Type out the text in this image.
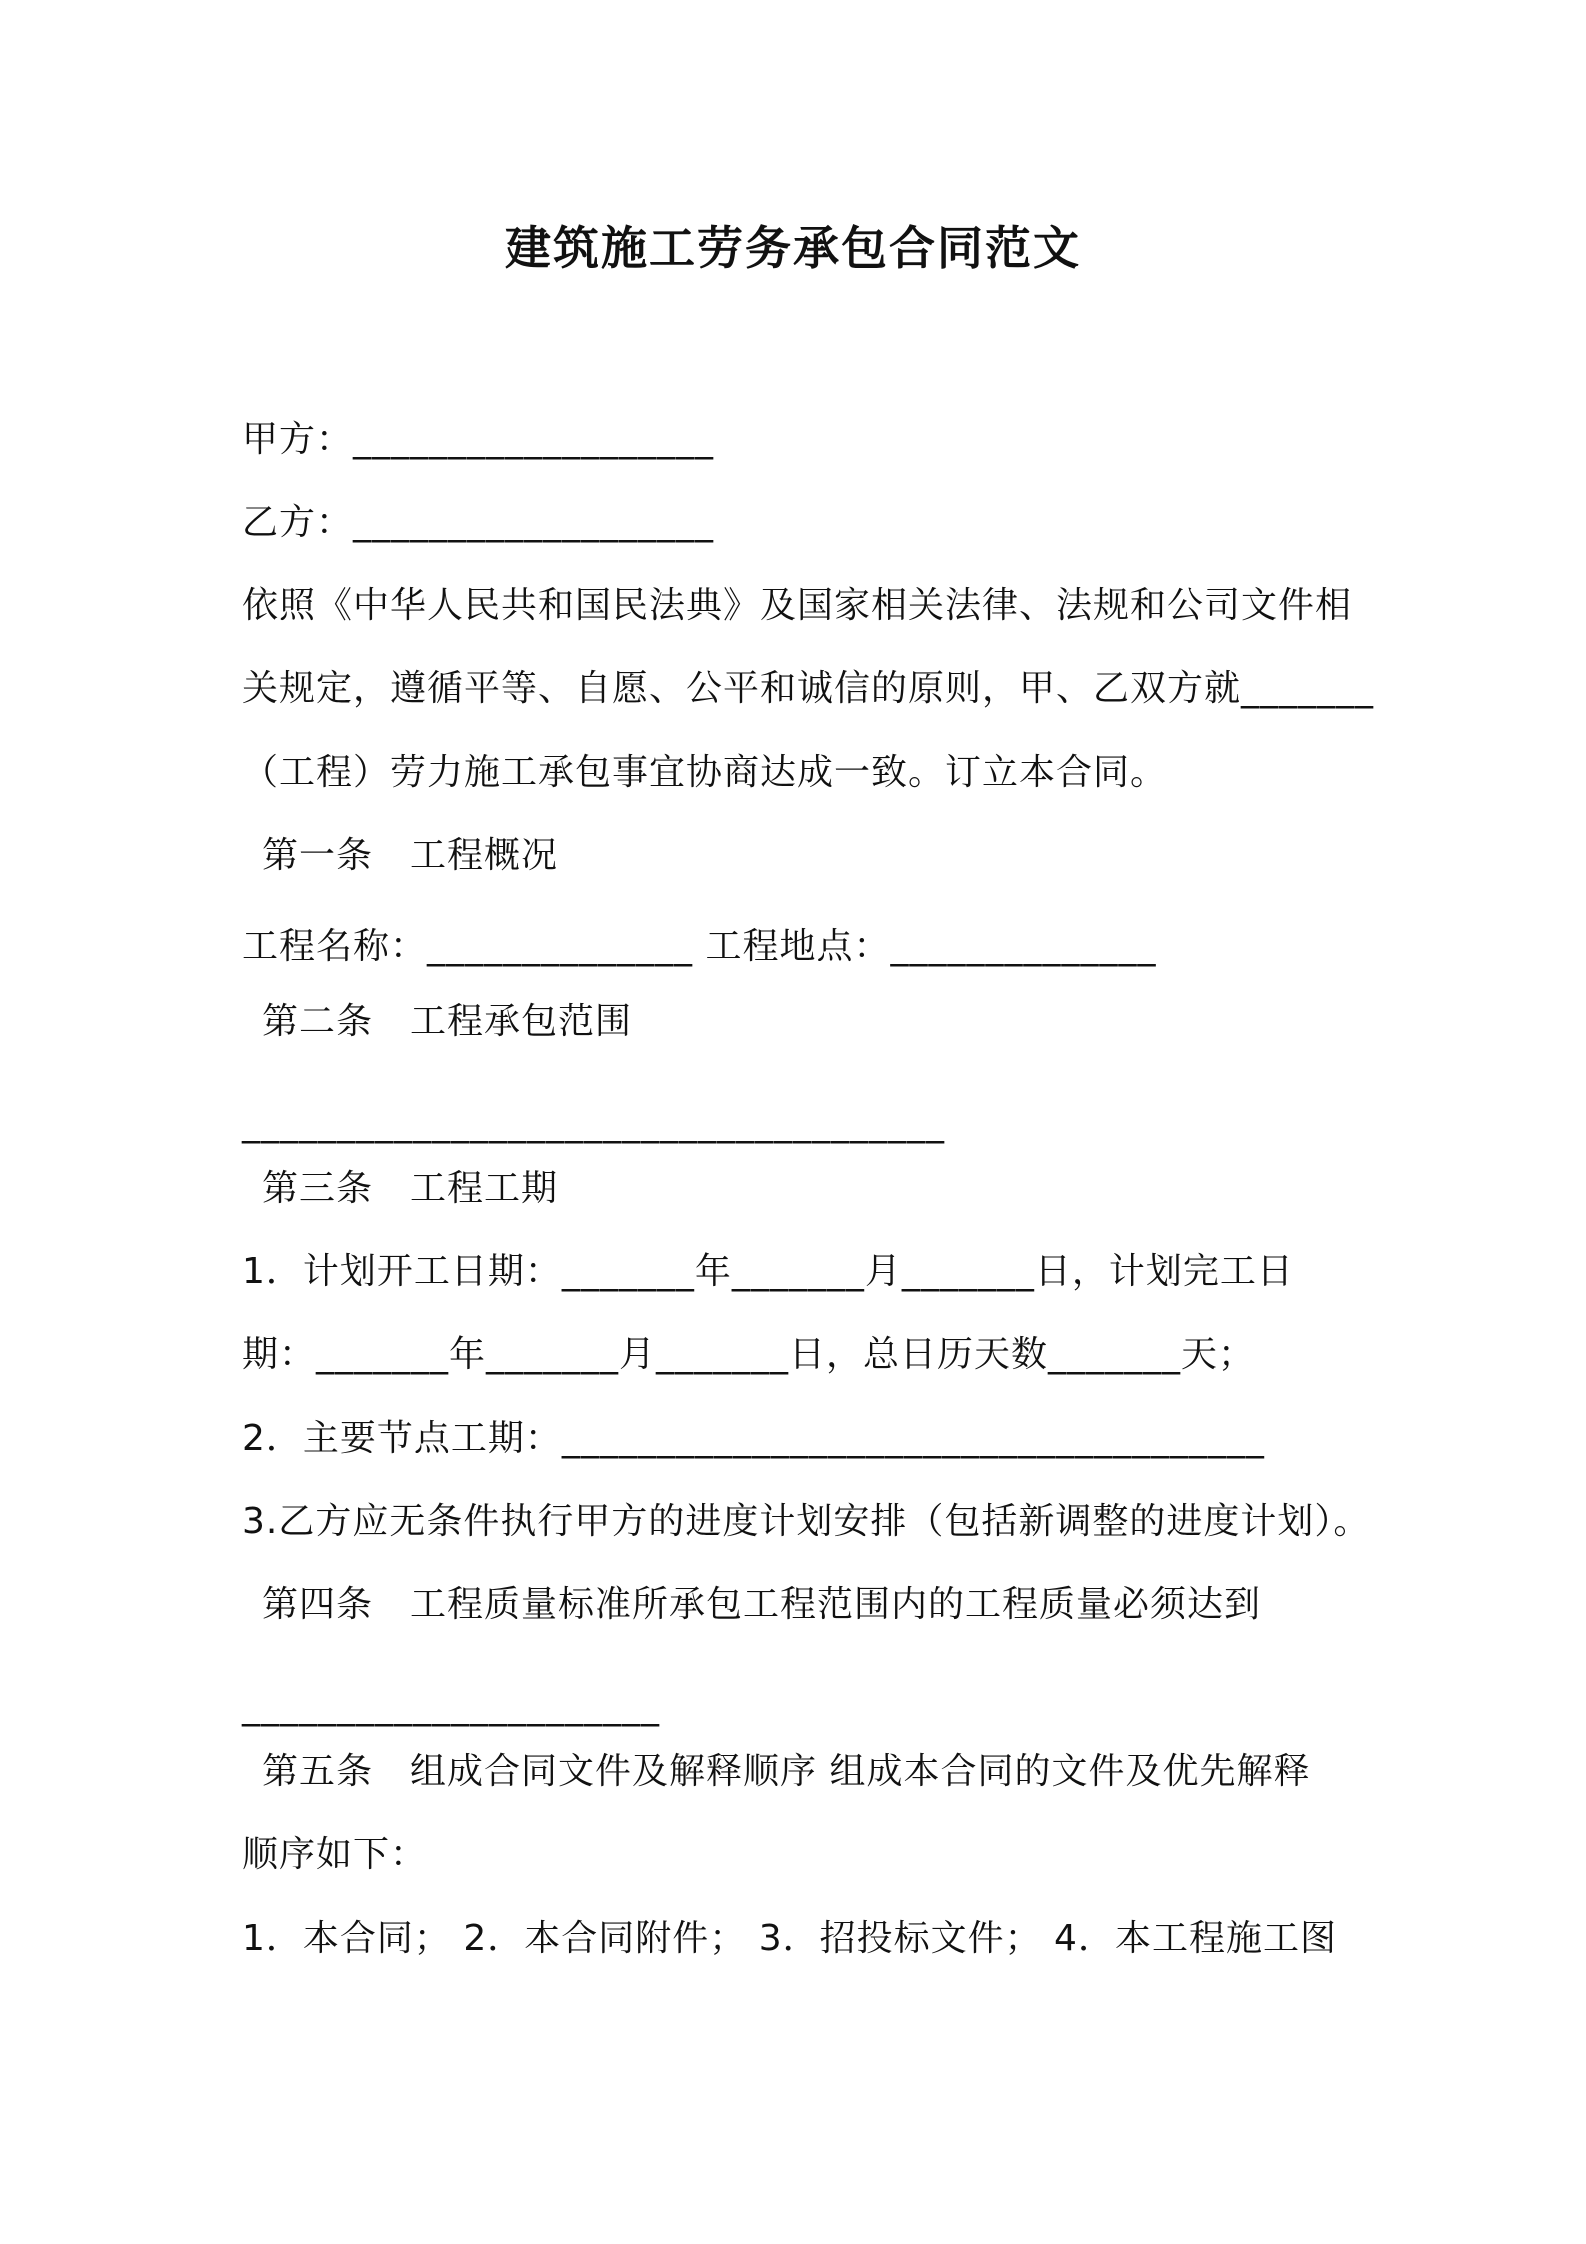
建筑施工劳务承包合同范文
甲方：___________________
乙方：___________________
依照《中华人民共和国民法典》及国家相关法律、法规和公司文件相
关规定，遵循平等、自愿、公平和诚信的原则，甲、乙双方就_______
（工程）劳力施工承包事宜协商达成一致。订立本合同。
第一条　工程概况
工程名称：______________ 工程地点：______________
第二条　工程承包范围
_____________________________________
第三条　工程工期
1．计划开工日期：_______年_______月_______日，计划完工日
期：_______年_______月_______日，总日历天数_______天；
2．主要节点工期：_____________________________________
3.乙方应无条件执行甲方的进度计划安排（包括新调整的进度计划）。
第四条　工程质量标准所承包工程范围内的工程质量必须达到
______________________
第五条　组成合同文件及解释顺序 组成本合同的文件及优先解释
顺序如下：
1．本合同； 2．本合同附件； 3．招投标文件； 4．本工程施工图
